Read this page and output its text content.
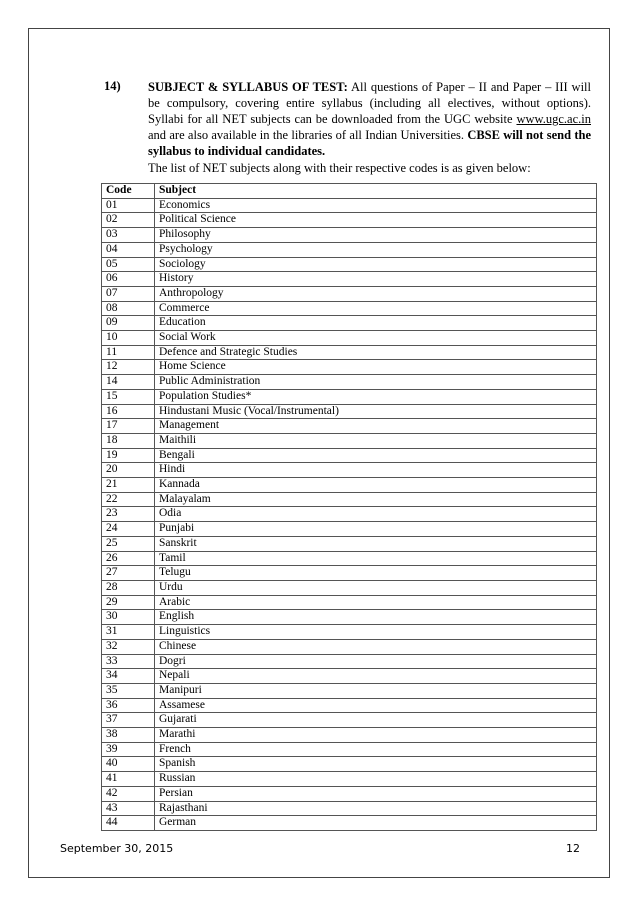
14) SUBJECT & SYLLABUS OF TEST: All questions of Paper – II and Paper – III will be compulsory, covering entire syllabus (including all electives, without options). Syllabi for all NET subjects can be downloaded from the UGC website www.ugc.ac.in and are also available in the libraries of all Indian Universities. CBSE will not send the syllabus to individual candidates.
The list of NET subjects along with their respective codes is as given below:
Code	Subject
01	Economics
02	Political Science
03	Philosophy
04	Psychology
05	Sociology
06	History
07	Anthropology
08	Commerce
09	Education
10	Social Work
11	Defence and Strategic Studies
12	Home Science
14	Public Administration
15	Population Studies*
16	Hindustani Music (Vocal/Instrumental)
17	Management
18	Maithili
19	Bengali
20	Hindi
21	Kannada
22	Malayalam
23	Odia
24	Punjabi
25	Sanskrit
26	Tamil
27	Telugu
28	Urdu
29	Arabic
30	English
31	Linguistics
32	Chinese
33	Dogri
34	Nepali
35	Manipuri
36	Assamese
37	Gujarati
38	Marathi
39	French
40	Spanish
41	Russian
42	Persian
43	Rajasthani
44	German
September 30, 2015	12
